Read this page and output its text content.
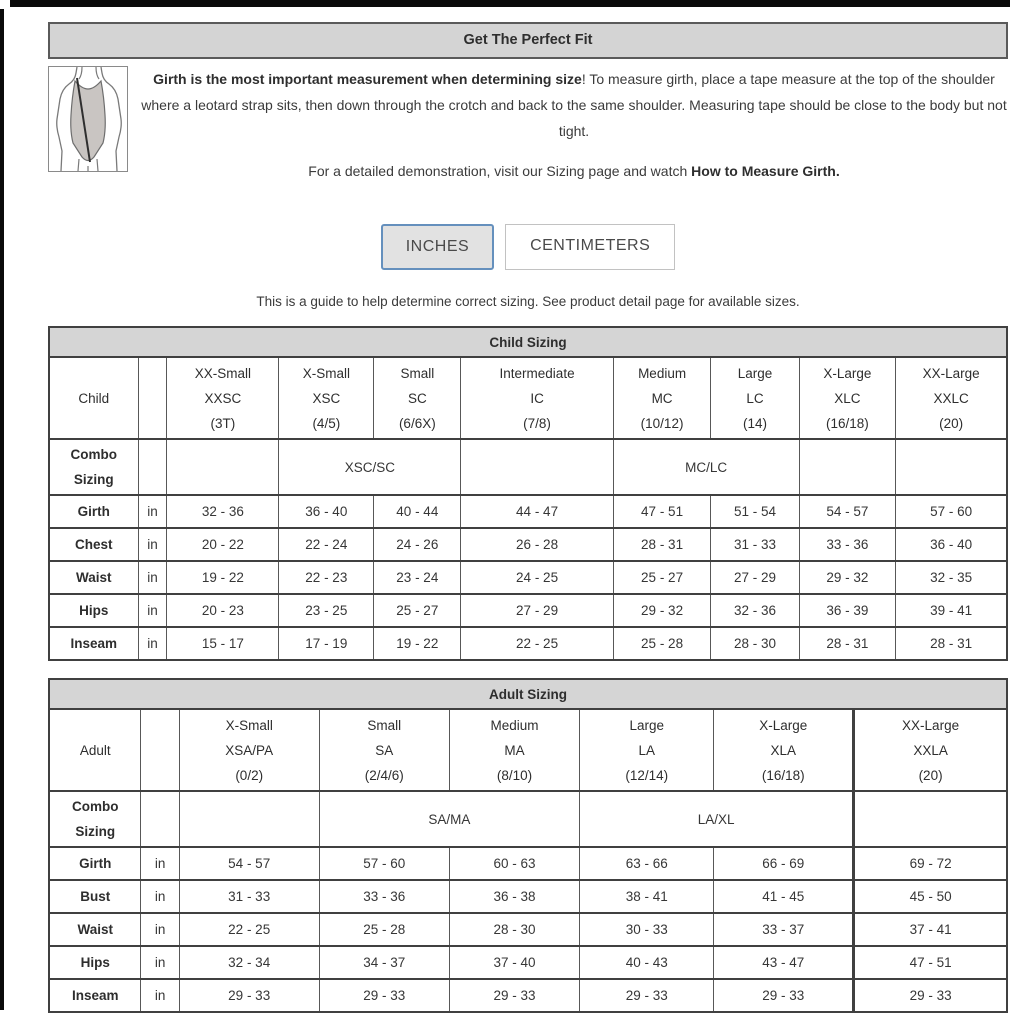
Get The Perfect Fit
Girth is the most important measurement when determining size! To measure girth, place a tape measure at the top of the shoulder where a leotard strap sits, then down through the crotch and back to the same shoulder. Measuring tape should be close to the body but not tight.
For a detailed demonstration, visit our Sizing page and watch How to Measure Girth.
INCHES	CENTIMETERS
This is a guide to help determine correct sizing. See product detail page for available sizes.
Child Sizing									
Child		XX-Small
XXSC
(3T)	X-Small
XSC
(4/5)	Small
SC
(6/6X)	Intermediate
IC
(7/8)	Medium
MC
(10/12)	Large
LC
(14)	X-Large
XLC
(16/18)	XX-Large
XXLC
(20)

Combo Sizing			XSC/SC			MC/LC			
Girth	in	32 - 36	36 - 40	40 - 44	44 - 47	47 - 51	51 - 54	54 - 57	57 - 60
Chest	in	20 - 22	22 - 24	24 - 26	26 - 28	28 - 31	31 - 33	33 - 36	36 - 40
Waist	in	19 - 22	22 - 23	23 - 24	24 - 25	25 - 27	27 - 29	29 - 32	32 - 35
Hips	in	20 - 23	23 - 25	25 - 27	27 - 29	29 - 32	32 - 36	36 - 39	39 - 41
Inseam	in	15 - 17	17 - 19	19 - 22	22 - 25	25 - 28	28 - 30	28 - 31	28 - 31
Adult Sizing							
Adult		X-Small
XSA/PA
(0/2)	Small
SA
(2/4/6)	Medium
MA
(8/10)	Large
LA
(12/14)	X-Large
XLA
(16/18)	XX-Large
XXLA
(20)

Combo Sizing			SA/MA		LA/XL		
Girth	in	54 - 57	57 - 60	60 - 63	63 - 66	66 - 69	69 - 72
Bust	in	31 - 33	33 - 36	36 - 38	38 - 41	41 - 45	45 - 50
Waist	in	22 - 25	25 - 28	28 - 30	30 - 33	33 - 37	37 - 41
Hips	in	32 - 34	34 - 37	37 - 40	40 - 43	43 - 47	47 - 51
Inseam	in	29 - 33	29 - 33	29 - 33	29 - 33	29 - 33	29 - 33
